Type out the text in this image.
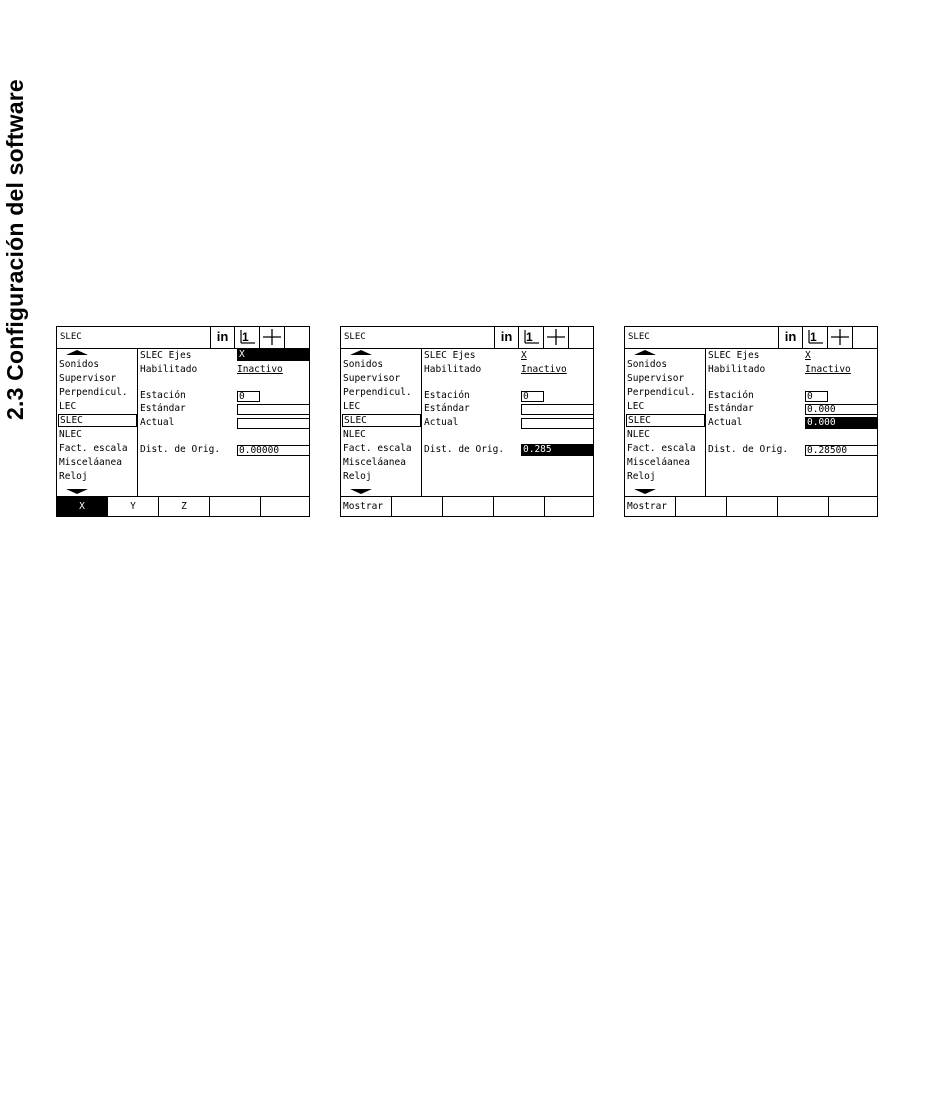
2.3 Configuración del software	SLEC	in	1
Sonidos
Supervisor
Perpendicul.
LEC
SLEC
NLEC
Fact. escala
Misceláanea
Reloj
SLEC Ejes	X
Habilitado	Inactivo
Estación	0
Estándar
Actual
Dist. de Orig. 0.00000
X	Y	Z
SLEC	in	1
Sonidos
Supervisor
Perpendicul.
LEC
SLEC
NLEC
Fact. escala
Misceláanea
Reloj
SLEC Ejes	X
Habilitado	Inactivo
Estación	0
Estándar
Actual
Dist. de Orig. 0.285
Mostrar
SLEC	in	1
Sonidos
Supervisor
Perpendicul.
LEC
SLEC
NLEC
Fact. escala
Misceláanea
Reloj
SLEC Ejes	X
Habilitado	Inactivo
Estación	0
Estándar	0.000
Actual	0.000
Dist. de Orig. 0.28500
Mostrar
